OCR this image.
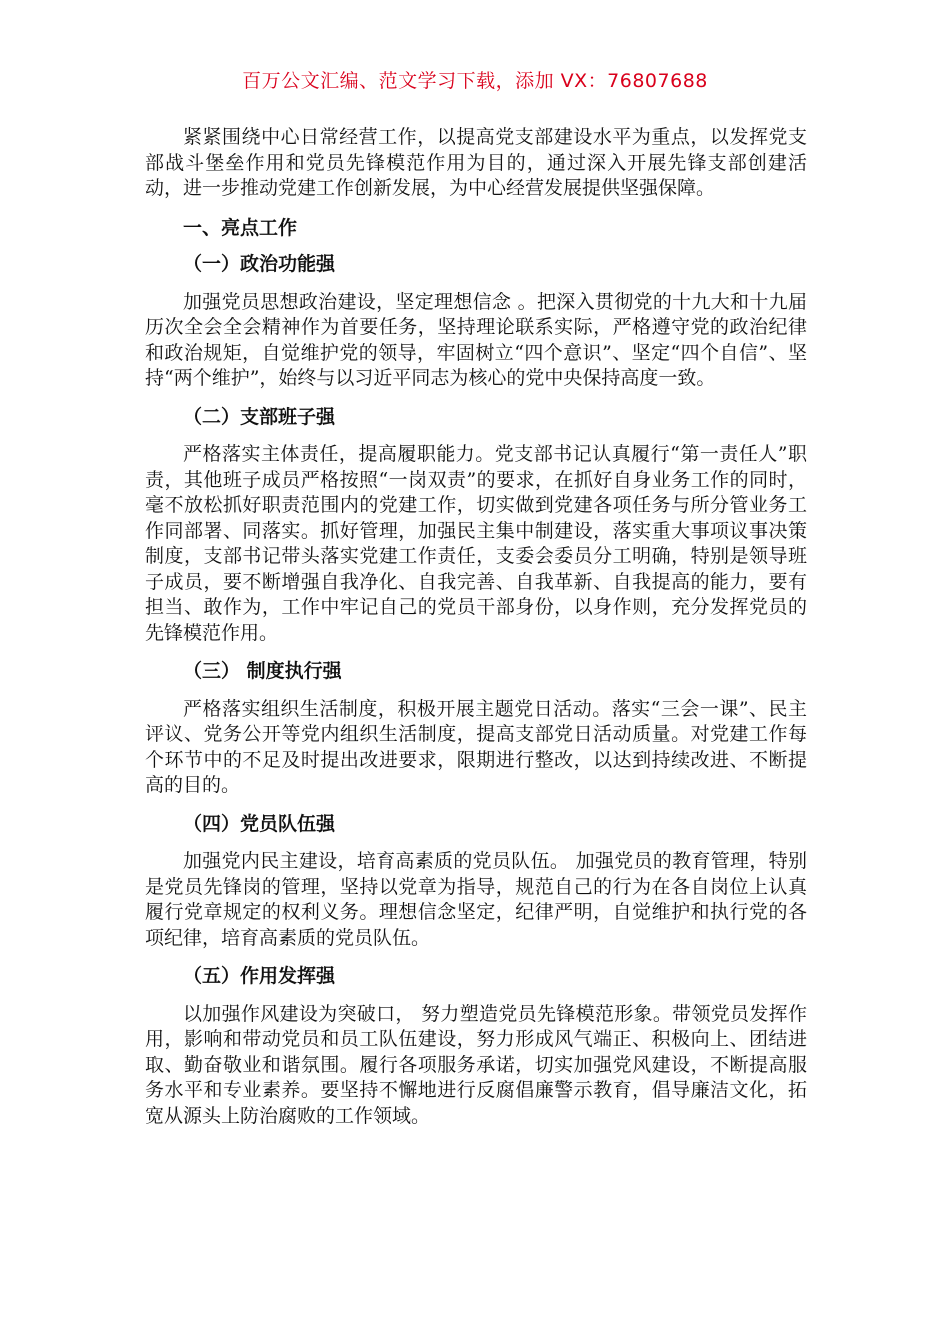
百万公文汇编、范文学习下载，添加 VX：76807688

紧紧围绕中心日常经营工作，以提高党支部建设水平为重点，以发挥党支部战斗堡垒作用和党员先锋模范作用为目的，通过深入开展先锋支部创建活动，进一步推动党建工作创新发展，为中心经营发展提供坚强保障。

一、亮点工作
（一）政治功能强

加强党员思想政治建设，坚定理想信念 。把深入贯彻党的十九大和十九届历次全会全会精神作为首要任务，坚持理论联系实际，严格遵守党的政治纪律和政治规矩，自觉维护党的领导，牢固树立“四个意识”、坚定“四个自信”、坚持“两个维护”，始终与以习近平同志为核心的党中央保持高度一致。

（二）支部班子强

严格落实主体责任，提高履职能力。党支部书记认真履行“第一责任人”职责，其他班子成员严格按照“一岗双责”的要求，在抓好自身业务工作的同时，毫不放松抓好职责范围内的党建工作，切实做到党建各项任务与所分管业务工作同部署、同落实。抓好管理，加强民主集中制建设，落实重大事项议事决策制度，支部书记带头落实党建工作责任，支委会委员分工明确，特别是领导班子成员，要不断增强自我净化、自我完善、自我革新、自我提高的能力，要有担当、敢作为，工作中牢记自己的党员干部身份，以身作则，充分发挥党员的先锋模范作用。

（三） 制度执行强

严格落实组织生活制度，积极开展主题党日活动。落实“三会一课”、民主评议、党务公开等党内组织生活制度，提高支部党日活动质量。对党建工作每个环节中的不足及时提出改进要求，限期进行整改，以达到持续改进、不断提高的目的。

（四）党员队伍强

加强党内民主建设，培育高素质的党员队伍。 加强党员的教育管理，特别是党员先锋岗的管理，坚持以党章为指导，规范自己的行为在各自岗位上认真履行党章规定的权利义务。理想信念坚定，纪律严明，自觉维护和执行党的各项纪律，培育高素质的党员队伍。

（五）作用发挥强

以加强作风建设为突破口， 努力塑造党员先锋模范形象。带领党员发挥作用，影响和带动党员和员工队伍建设，努力形成风气端正、积极向上、团结进取、勤奋敬业和谐氛围。履行各项服务承诺，切实加强党风建设，不断提高服务水平和专业素养。要坚持不懈地进行反腐倡廉警示教育，倡导廉洁文化，拓宽从源头上防治腐败的工作领域。
